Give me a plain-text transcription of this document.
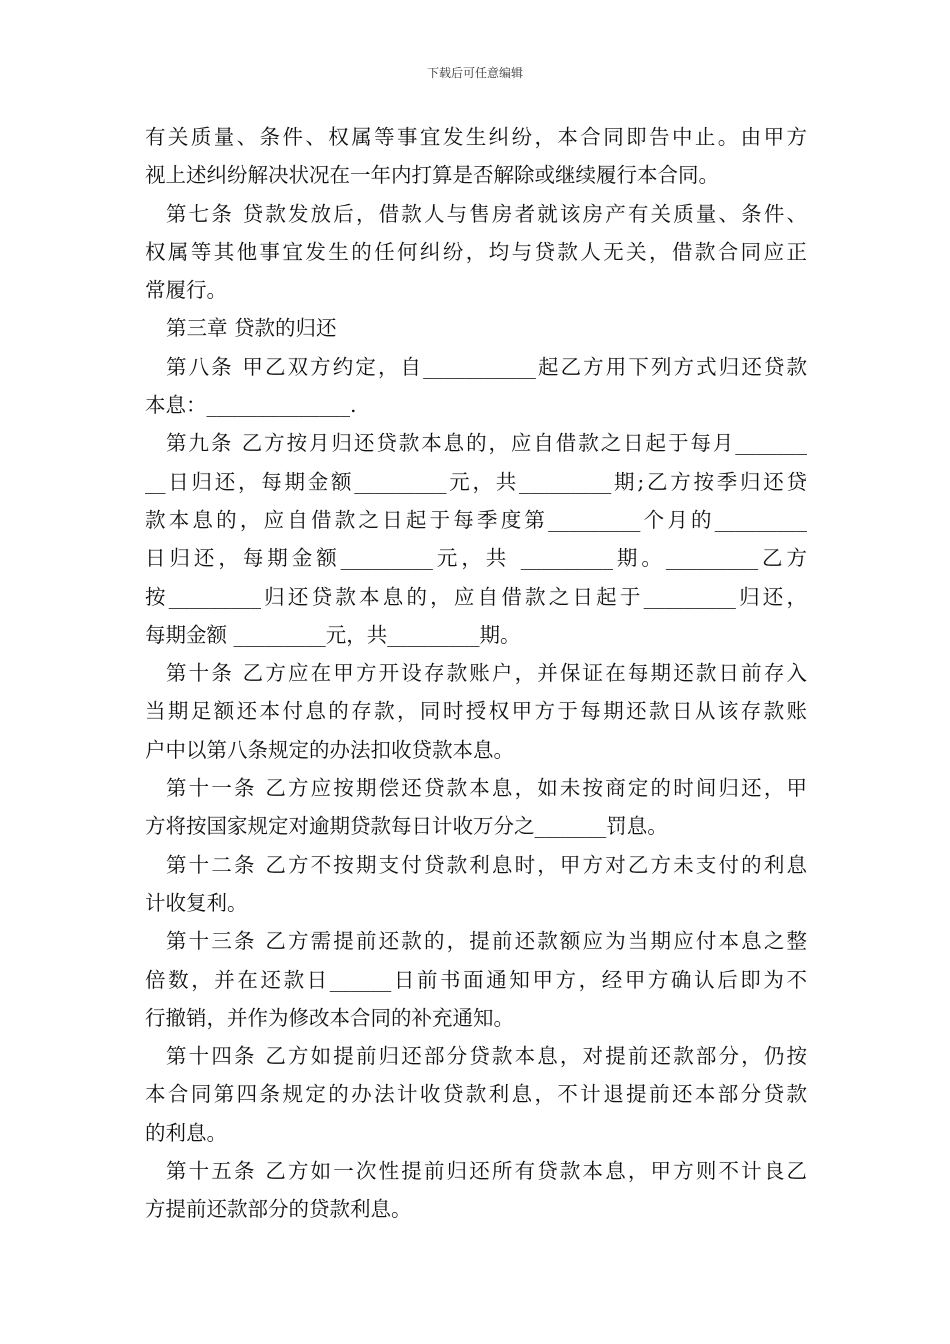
下载后可任意编辑
有关质量、条件、权属等事宜发生纠纷，本合同即告中止。由甲方
视上述纠纷解决状况在一年内打算是否解除或继续履行本合同。
第七条 贷款发放后，借款人与售房者就该房产有关质量、条件、
权属等其他事宜发生的任何纠纷，均与贷款人无关，借款合同应正
常履行。
第三章 贷款的归还
第八条 甲乙双方约定，自___________起乙方用下列方式归还贷款
本息：______________.
第九条 乙方按月归还贷款本息的，应自借款之日起于每月_______
__日归还，每期金额_________元，共_________期;乙方按季归还贷
款本息的，应自借款之日起于每季度第_________个月的_________
日归还，每期金额_________元，共 _________期。_________乙方
按_________归还贷款本息的，应自借款之日起于_________归还，
每期金额 _________元，共_________期。
第十条 乙方应在甲方开设存款账户，并保证在每期还款日前存入
当期足额还本付息的存款，同时授权甲方于每期还款日从该存款账
户中以第八条规定的办法扣收贷款本息。
第十一条 乙方应按期偿还贷款本息，如未按商定的时间归还，甲
方将按国家规定对逾期贷款每日计收万分之_______罚息。
第十二条 乙方不按期支付贷款利息时，甲方对乙方未支付的利息
计收复利。
第十三条 乙方需提前还款的，提前还款额应为当期应付本息之整
倍数，并在还款日______日前书面通知甲方，经甲方确认后即为不
行撤销，并作为修改本合同的补充通知。
第十四条 乙方如提前归还部分贷款本息，对提前还款部分，仍按
本合同第四条规定的办法计收贷款利息，不计退提前还本部分贷款
的利息。
第十五条 乙方如一次性提前归还所有贷款本息，甲方则不计良乙
方提前还款部分的贷款利息。
